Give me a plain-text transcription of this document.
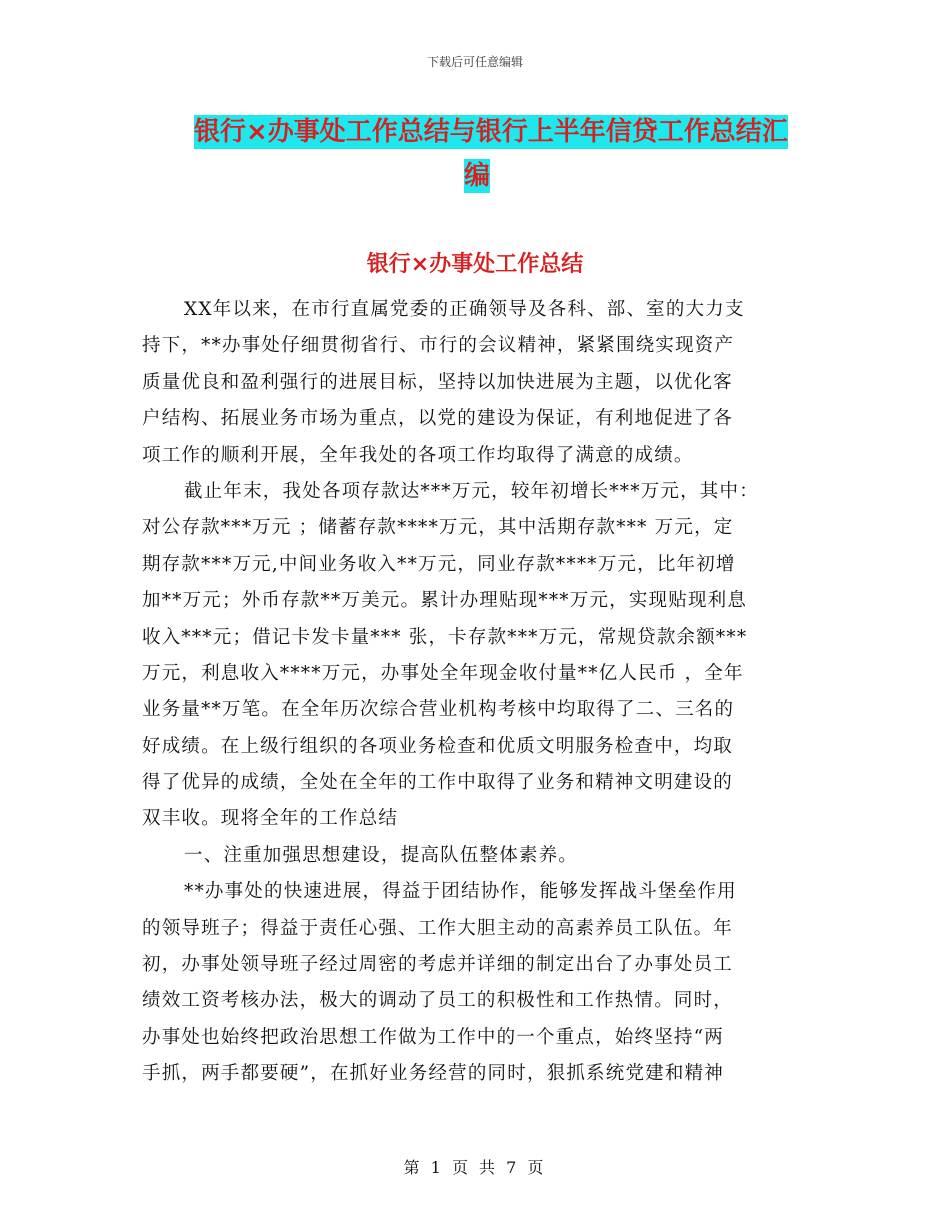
下载后可任意编辑
银行×办事处工作总结与银行上半年信贷工作总结汇
编
银行×办事处工作总结
XX年以来，在市行直属党委的正确领导及各科、部、室的大力支
持下，**办事处仔细贯彻省行、市行的会议精神，紧紧围绕实现资产
质量优良和盈利强行的进展目标，坚持以加快进展为主题，以优化客
户结构、拓展业务市场为重点，以党的建设为保证，有利地促进了各
项工作的顺利开展，全年我处的各项工作均取得了满意的成绩。
截止年末，我处各项存款达***万元，较年初增长***万元，其中：
对公存款***万元 ；储蓄存款****万元，其中活期存款*** 万元，定
期存款***万元,中间业务收入**万元，同业存款****万元，比年初增
加**万元；外币存款**万美元。累计办理贴现***万元，实现贴现利息
收入***元；借记卡发卡量*** 张，卡存款***万元，常规贷款余额***
万元，利息收入****万元，办事处全年现金收付量**亿人民币 ，全年
业务量**万笔。在全年历次综合营业机构考核中均取得了二、三名的
好成绩。在上级行组织的各项业务检查和优质文明服务检查中，均取
得了优异的成绩，全处在全年的工作中取得了业务和精神文明建设的
双丰收。现将全年的工作总结
一、注重加强思想建设，提高队伍整体素养。
**办事处的快速进展，得益于团结协作，能够发挥战斗堡垒作用
的领导班子；得益于责任心强、工作大胆主动的高素养员工队伍。年
初，办事处领导班子经过周密的考虑并详细的制定出台了办事处员工
绩效工资考核办法，极大的调动了员工的积极性和工作热情。同时，
办事处也始终把政治思想工作做为工作中的一个重点，始终坚持“两
手抓，两手都要硬”，在抓好业务经营的同时，狠抓系统党建和精神
第 1 页 共 7 页
